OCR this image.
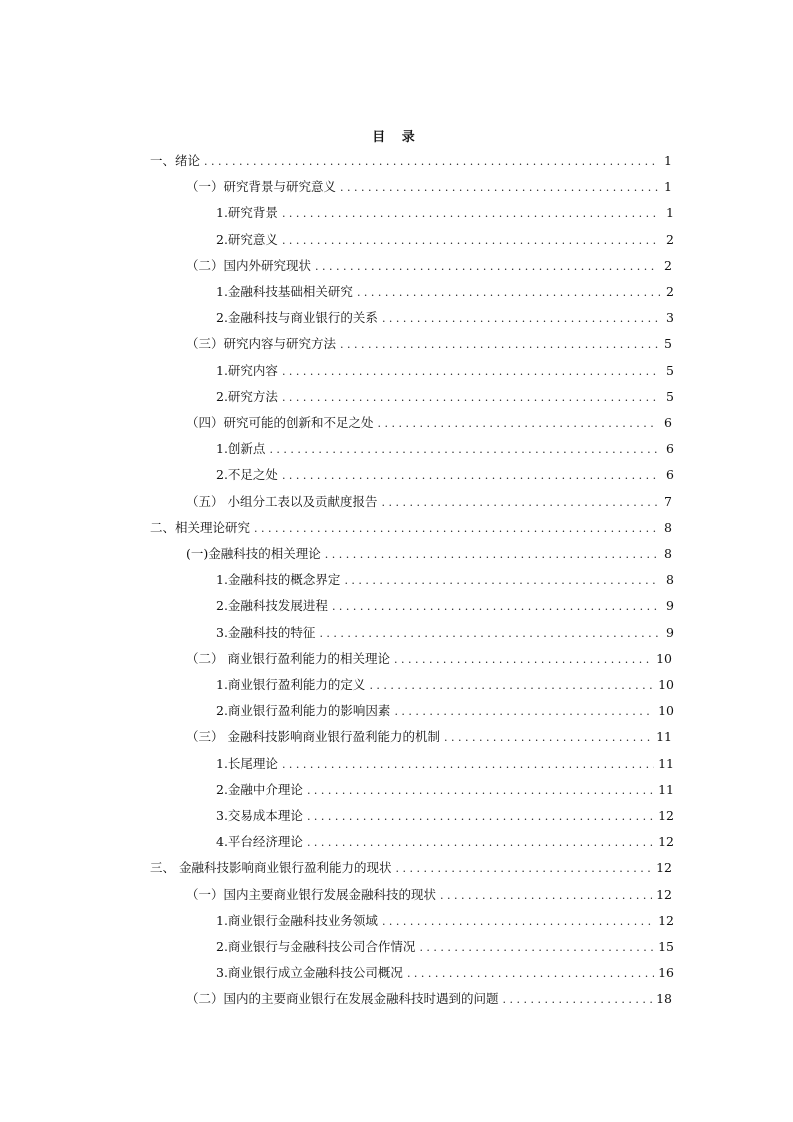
目 录
一、绪论 . . .	1
（一）研究背景与研究意义 . . .	1
1.研究背景 . . .	1
2.研究意义 . . .	2
（二）国内外研究现状 . . .	2
1.金融科技基础相关研究 . . .	2
2.金融科技与商业银行的关系 . . .	3
（三）研究内容与研究方法 . . .	5
1.研究内容 . . .	5
2.研究方法 . . .	5
（四）研究可能的创新和不足之处 . . .	6
1.创新点 . . .	6
2.不足之处 . . .	6
（五） 小组分工表以及贡献度报告 . . .	7
二、相关理论研究 . . .	8
(一)金融科技的相关理论 . . .	8
1.金融科技的概念界定 . . .	8
2.金融科技发展进程 . . .	9
3.金融科技的特征 . . .	9
（二） 商业银行盈利能力的相关理论 . . .	10
1.商业银行盈利能力的定义 . . .	10
2.商业银行盈利能力的影响因素 . . .	10
（三） 金融科技影响商业银行盈利能力的机制 . . .	11
1.长尾理论 . . .	11
2.金融中介理论 . . .	11
3.交易成本理论 . . .	12
4.平台经济理论 . . .	12
三、 金融科技影响商业银行盈利能力的现状 . . .	12
（一）国内主要商业银行发展金融科技的现状 . . .	12
1.商业银行金融科技业务领域 . . .	12
2.商业银行与金融科技公司合作情况 . . .	15
3.商业银行成立金融科技公司概况 . . .	16
（二）国内的主要商业银行在发展金融科技时遇到的问题 . . .	18
